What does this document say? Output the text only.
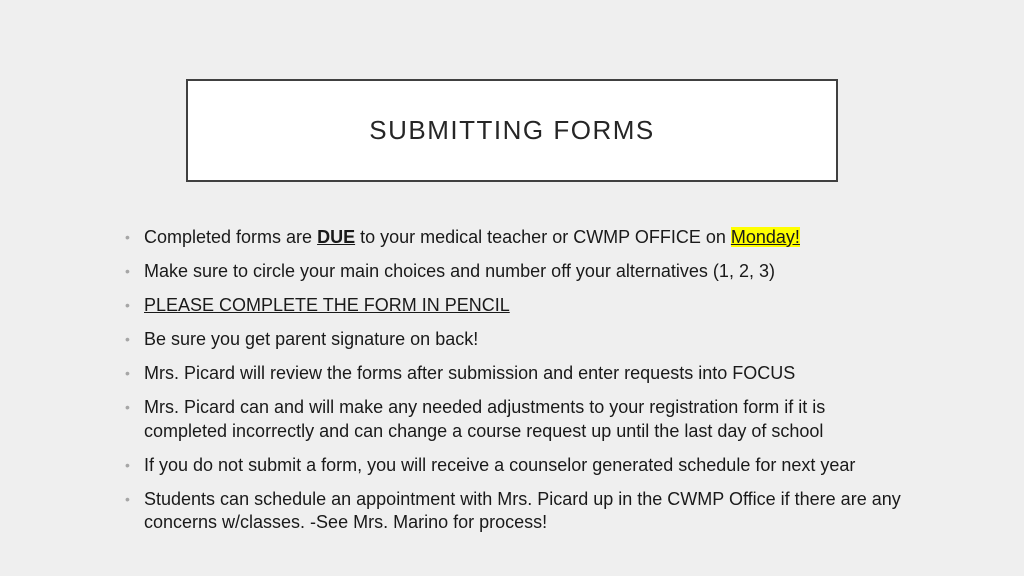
SUBMITTING FORMS
• Completed forms are DUE to your medical teacher or CWMP OFFICE on Monday!
• Make sure to circle your main choices and number off your alternatives (1, 2, 3)
• PLEASE COMPLETE THE FORM IN PENCIL
• Be sure you get parent signature on back!
• Mrs. Picard will review the forms after submission and enter requests into FOCUS
• Mrs. Picard can and will make any needed adjustments to your registration form if it is completed incorrectly and can change a course request up until the last day of school
• If you do not submit a form, you will receive a counselor generated schedule for next year
• Students can schedule an appointment with Mrs. Picard up in the CWMP Office if there are any concerns w/classes. -See Mrs. Marino for process!
